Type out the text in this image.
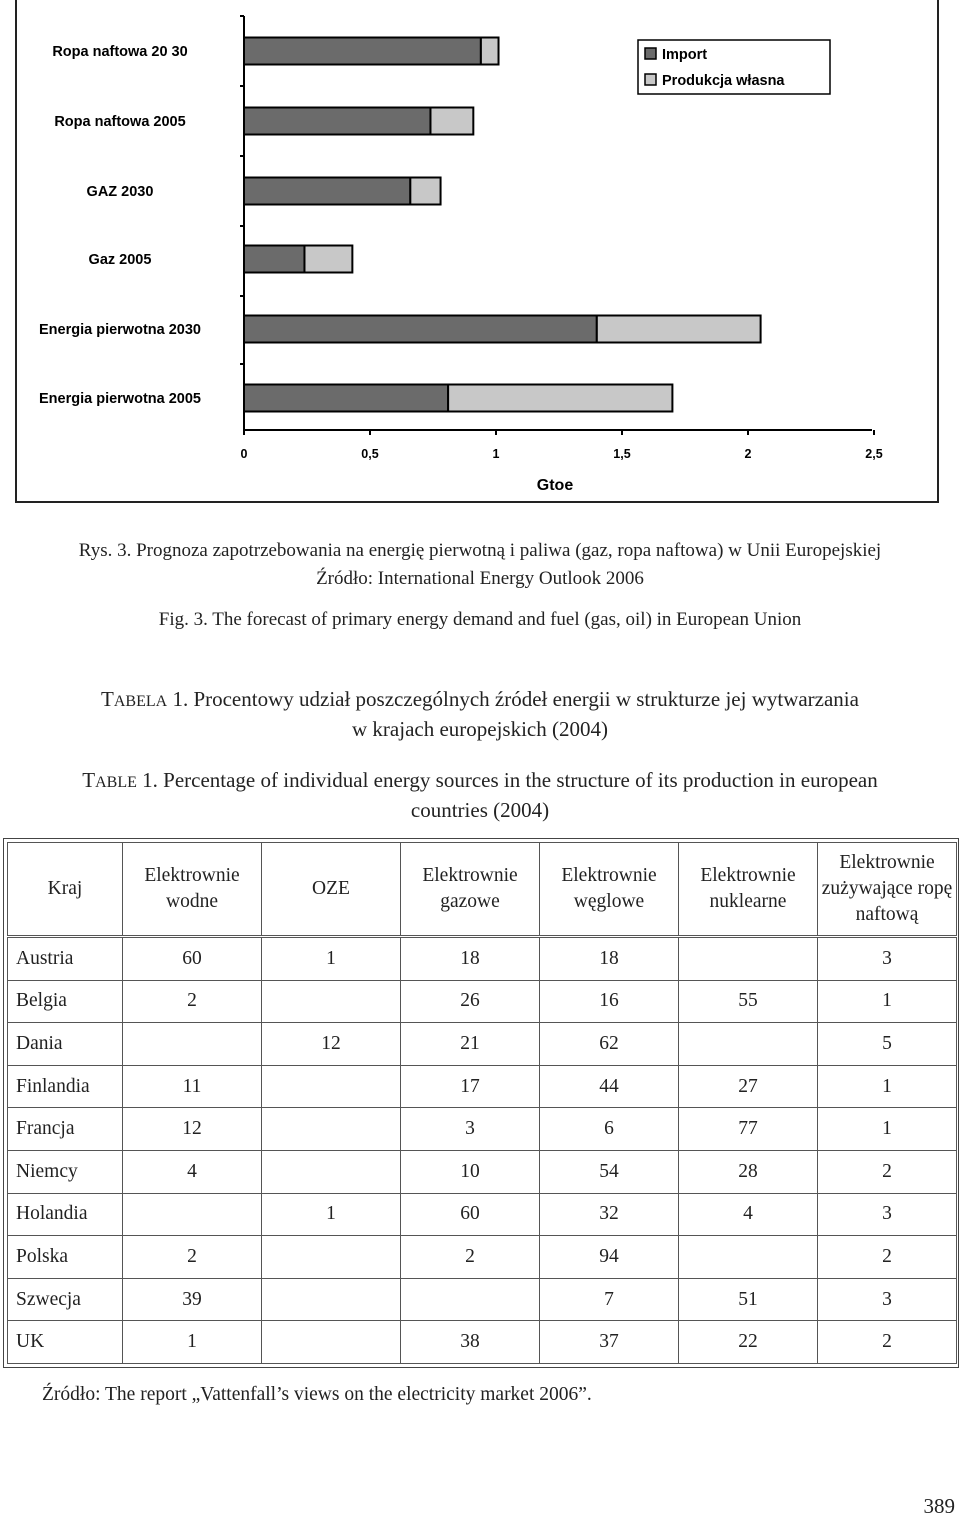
0	0,5	1	1,5	2	2,5
Gtoe
Ropa naftowa 20 30
Ropa naftowa 2005
GAZ 2030
Gaz 2005
Energia pierwotna 2030
Energia pierwotna 2005
Import
Produkcja własna
Rys. 3. Prognoza zapotrzebowania na energię pierwotną i paliwa (gaz, ropa naftowa) w Unii Europejskiej
Źródło: International Energy Outlook 2006
Fig. 3. The forecast of primary energy demand and fuel (gas, oil) in European Union
TABELA 1. Procentowy udział poszczególnych źródeł energii w strukturze jej wytwarzania
w krajach europejskich (2004)
TABLE 1. Percentage of individual energy sources in the structure of its production in european
countries (2004)
Kraj	Elektrownie wodne	OZE	Elektrownie gazowe	Elektrownie węglowe	Elektrownie nuklearne	Elektrownie zużywające ropę naftową
Austria	60	1	18	18		3
Belgia	2		26	16	55	1
Dania		12	21	62		5
Finlandia	11		17	44	27	1
Francja	12		3	6	77	1
Niemcy	4		10	54	28	2
Holandia		1	60	32	4	3
Polska	2		2	94		2
Szwecja	39			7	51	3
UK	1		38	37	22	2
Źródło: The report „Vattenfall’s views on the electricity market 2006”.
389
